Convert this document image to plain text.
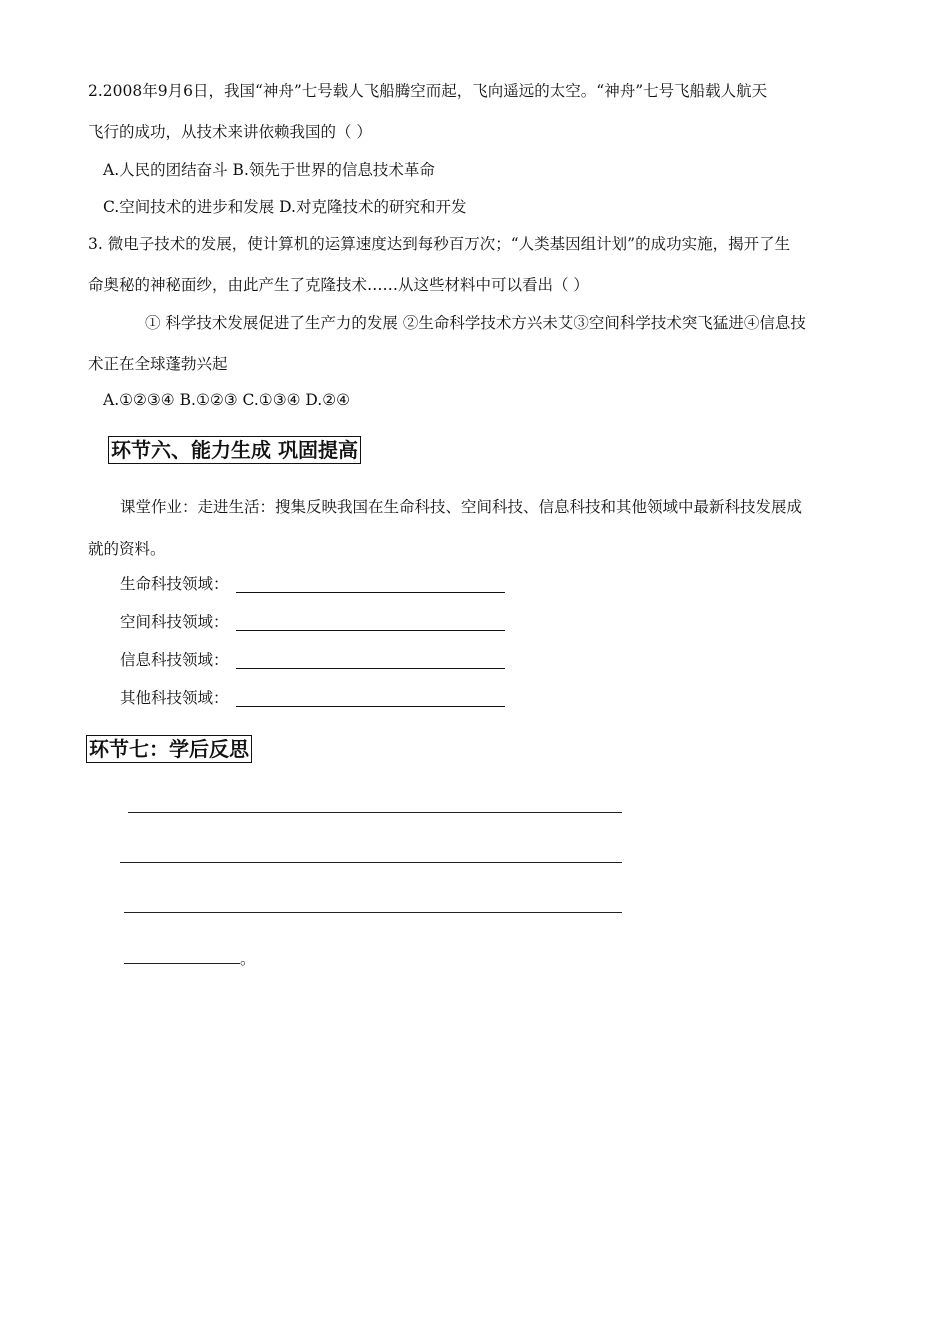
2.2008年9月6日，我国“神舟”七号载人飞船腾空而起，飞向遥远的太空。“神舟”七号飞船载人航天
飞行的成功，从技术来讲依赖我国的（ ）
A.人民的团结奋斗 B.领先于世界的信息技术革命
C.空间技术的进步和发展 D.对克隆技术的研究和开发
3. 微电子技术的发展，使计算机的运算速度达到每秒百万次；“人类基因组计划”的成功实施，揭开了生
命奥秘的神秘面纱，由此产生了克隆技术……从这些材料中可以看出（ ）
① 科学技术发展促进了生产力的发展 ②生命科学技术方兴未艾③空间科学技术突飞猛进④信息技
术正在全球蓬勃兴起
A.①②③④ B.①②③ C.①③④ D.②④
环节六、能力生成 巩固提高
课堂作业：走进生活：搜集反映我国在生命科技、空间科技、信息科技和其他领域中最新科技发展成
就的资料。
生命科技领域：
空间科技领域：
信息科技领域：
其他科技领域：
环节七：学后反思
。
